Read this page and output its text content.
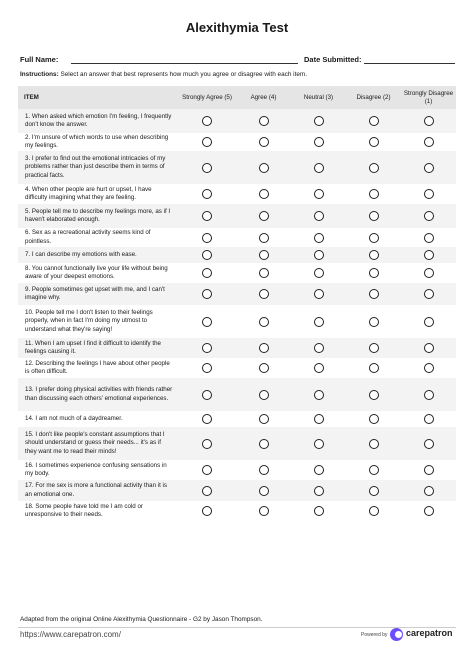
Alexithymia Test
Full Name:	Date Submitted:
Instructions: Select an answer that best represents how much you agree or disagree with each item.
ITEM	Strongly Agree (5)	Agree (4)	Neutral (3)	Disagree (2)	Strongly Disagree (1)
1. When asked which emotion I'm feeling, I frequently don't know the answer.					
2. I'm unsure of which words to use when describing my feelings.					
3. I prefer to find out the emotional intricacies of my problems rather than just describe them in terms of practical facts.					
4. When other people are hurt or upset, I have difficulty imagining what they are feeling.					
5. People tell me to describe my feelings more, as if I haven't elaborated enough.					
6. Sex as a recreational activity seems kind of pointless.					
7. I can describe my emotions with ease.					
8. You cannot functionally live your life without being aware of your deepest emotions.					
9. People sometimes get upset with me, and I can't imagine why.					
10. People tell me I don't listen to their feelings properly, when in fact I'm doing my utmost to understand what they're saying!					
11. When I am upset I find it difficult to identify the feelings causing it.					
12. Describing the feelings I have about other people is often difficult.					
13. I prefer doing physical activities with friends rather than discussing each others' emotional experiences.					
14. I am not much of a daydreamer.					
15. I don't like people's constant assumptions that I should understand or guess their needs... it's as if they want me to read their minds!					
16. I sometimes experience confusing sensations in my body.					
17. For me sex is more a functional activity than it is an emotional one.					
18. Some people have told me I am cold or unresponsive to their needs.					
Adapted from the original Online Alexithymia Questionnaire - G2 by Jason Thompson.
https://www.carepatron.com/	Powered by carepatron
